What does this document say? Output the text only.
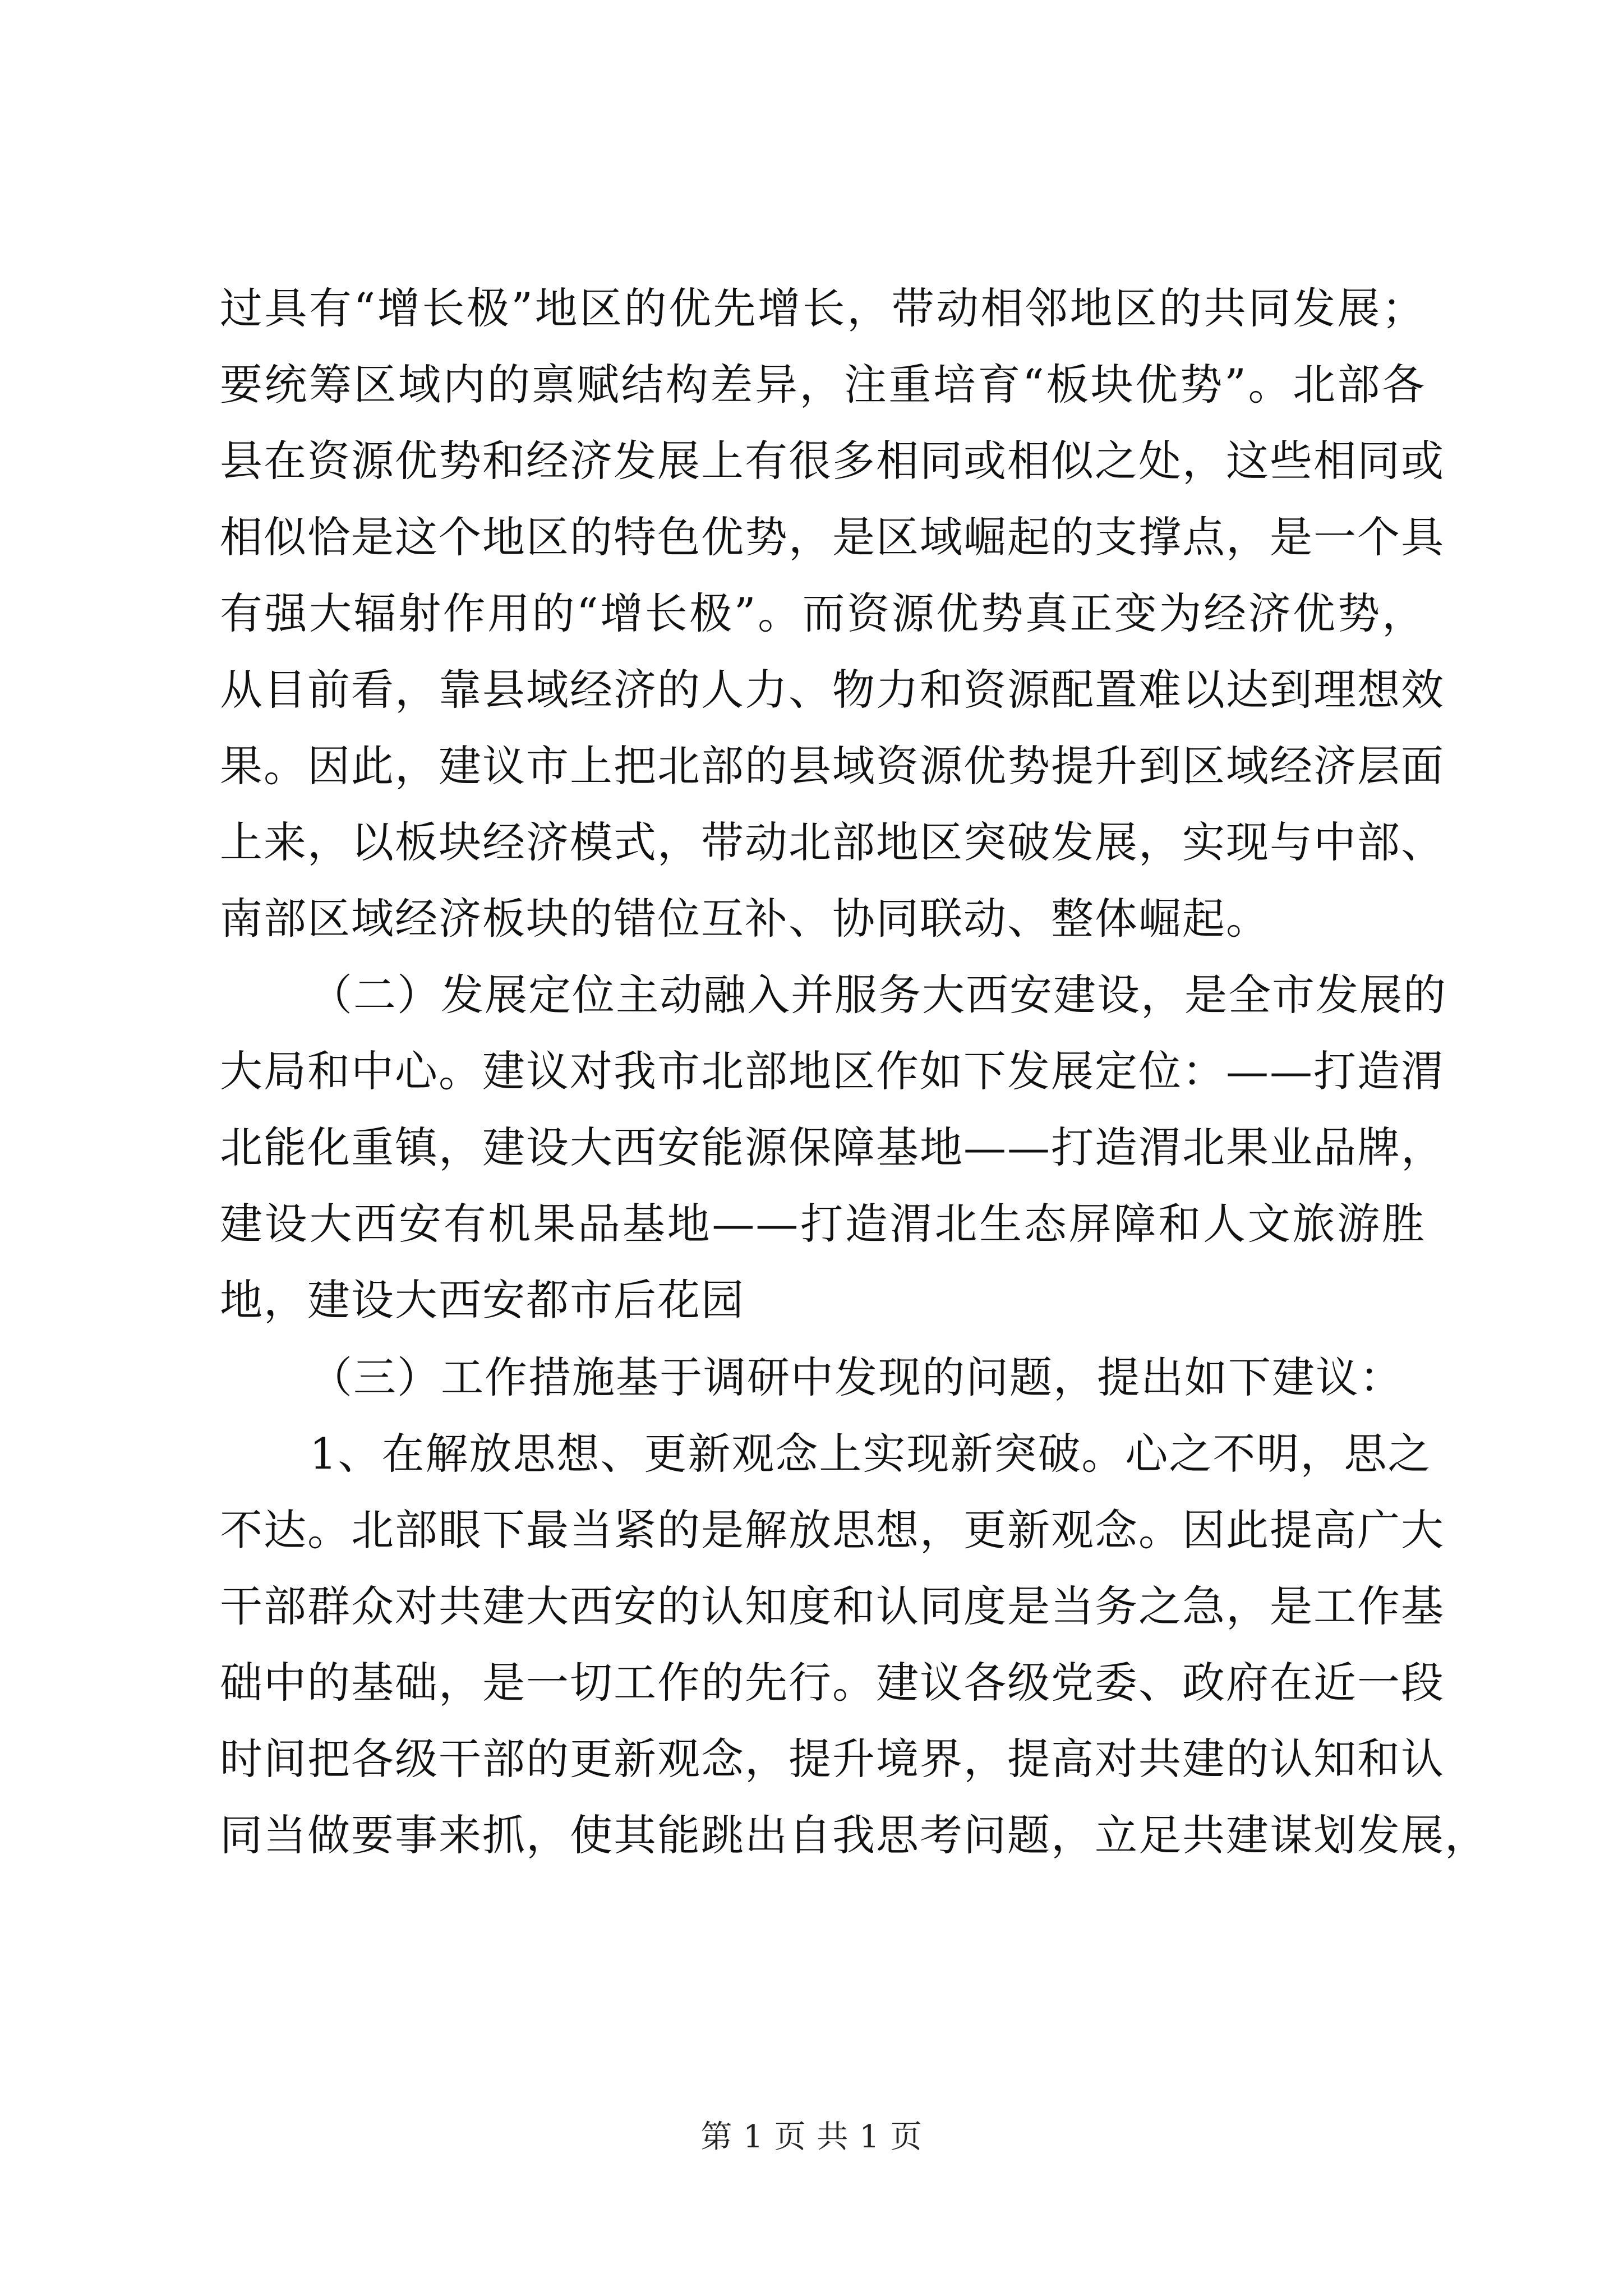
过具有“增长极”地区的优先增长，带动相邻地区的共同发展；
要统筹区域内的禀赋结构差异，注重培育“板块优势”。北部各
县在资源优势和经济发展上有很多相同或相似之处，这些相同或
相似恰是这个地区的特色优势，是区域崛起的支撑点，是一个具
有强大辐射作用的“增长极”。而资源优势真正变为经济优势，
从目前看，靠县域经济的人力、物力和资源配置难以达到理想效
果。因此，建议市上把北部的县域资源优势提升到区域经济层面
上来，以板块经济模式，带动北部地区突破发展，实现与中部、
南部区域经济板块的错位互补、协同联动、整体崛起。
（二）发展定位主动融入并服务大西安建设，是全市发展的
大局和中心。建议对我市北部地区作如下发展定位：——打造渭
北能化重镇，建设大西安能源保障基地——打造渭北果业品牌，
建设大西安有机果品基地——打造渭北生态屏障和人文旅游胜
地，建设大西安都市后花园
（三）工作措施基于调研中发现的问题，提出如下建议：
1、在解放思想、更新观念上实现新突破。心之不明，思之
不达。北部眼下最当紧的是解放思想，更新观念。因此提高广大
干部群众对共建大西安的认知度和认同度是当务之急，是工作基
础中的基础，是一切工作的先行。建议各级党委、政府在近一段
时间把各级干部的更新观念，提升境界，提高对共建的认知和认
同当做要事来抓，使其能跳出自我思考问题，立足共建谋划发展，
第 1 页 共 1 页
